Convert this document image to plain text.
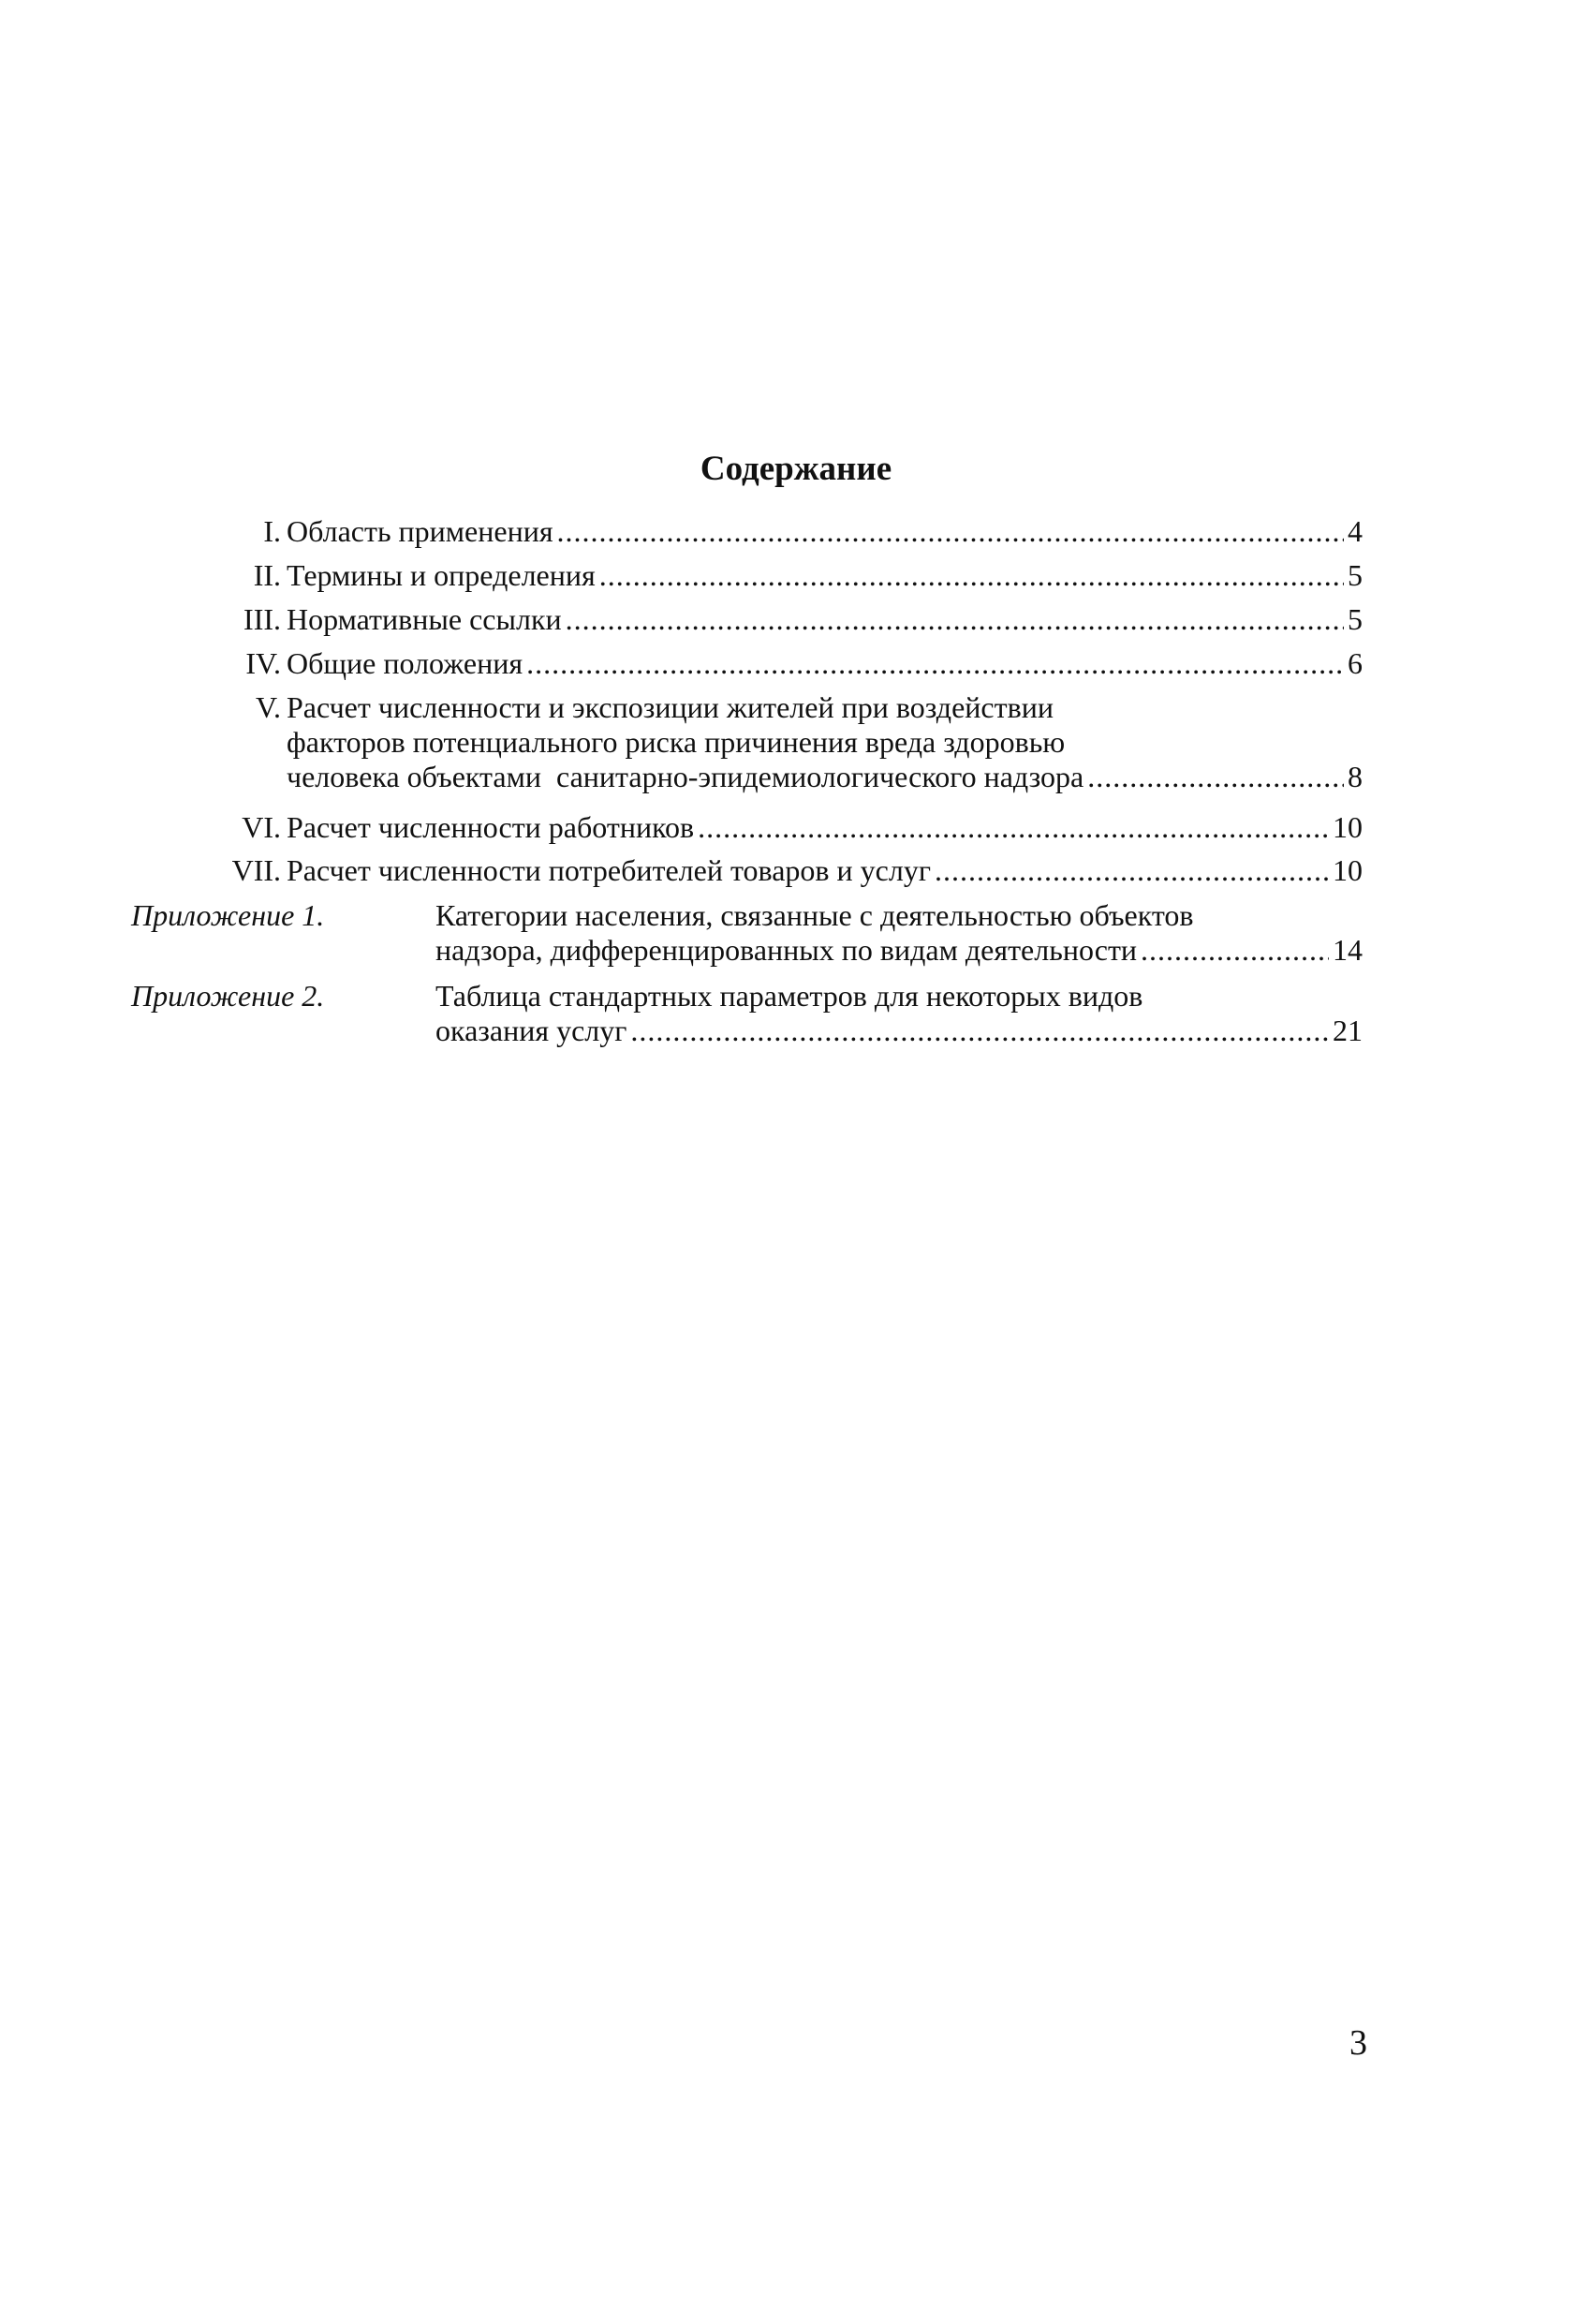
Содержание
I. Область применения .....	4
II. Термины и определения .....	5
III. Нормативные ссылки .....	5
IV. Общие положения .....	6
V. Расчет численности и экспозиции жителей при воздействии
факторов потенциального риска причинения вреда здоровью
человека объектами  санитарно-эпидемиологического надзора .....	8
VI. Расчет численности работников .....	10
VII. Расчет численности потребителей товаров и услуг .....	10
Приложение 1.	Категории населения, связанные с деятельностью объектов
надзора, дифференцированных по видам деятельности .....	14
Приложение 2.	Таблица стандартных параметров для некоторых видов
оказания услуг .....	21
3
